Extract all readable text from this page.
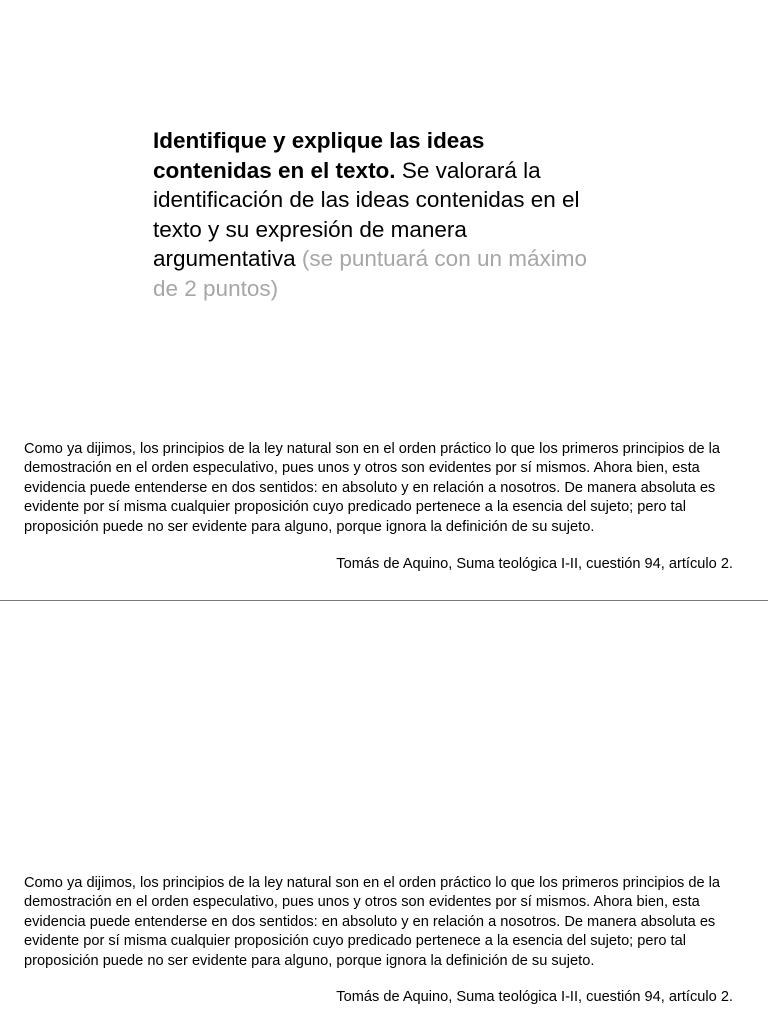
Identifique y explique las ideas contenidas en el texto. Se valorará la identificación de las ideas contenidas en el texto y su expresión de manera argumentativa (se puntuará con un máximo de 2 puntos)

Como ya dijimos, los principios de la ley natural son en el orden práctico lo que los primeros principios de la demostración en el orden especulativo, pues unos y otros son evidentes por sí mismos. Ahora bien, esta evidencia puede entenderse en dos sentidos: en absoluto y en relación a nosotros. De manera absoluta es evidente por sí misma cualquier proposición cuyo predicado pertenece a la esencia del sujeto; pero tal proposición puede no ser evidente para alguno, porque ignora la definición de su sujeto.

Tomás de Aquino, Suma teológica I-II, cuestión 94, artículo 2.

Como ya dijimos, los principios de la ley natural son en el orden práctico lo que los primeros principios de la demostración en el orden especulativo, pues unos y otros son evidentes por sí mismos. Ahora bien, esta evidencia puede entenderse en dos sentidos: en absoluto y en relación a nosotros. De manera absoluta es evidente por sí misma cualquier proposición cuyo predicado pertenece a la esencia del sujeto; pero tal proposición puede no ser evidente para alguno, porque ignora la definición de su sujeto.

Tomás de Aquino, Suma teológica I-II, cuestión 94, artículo 2.
